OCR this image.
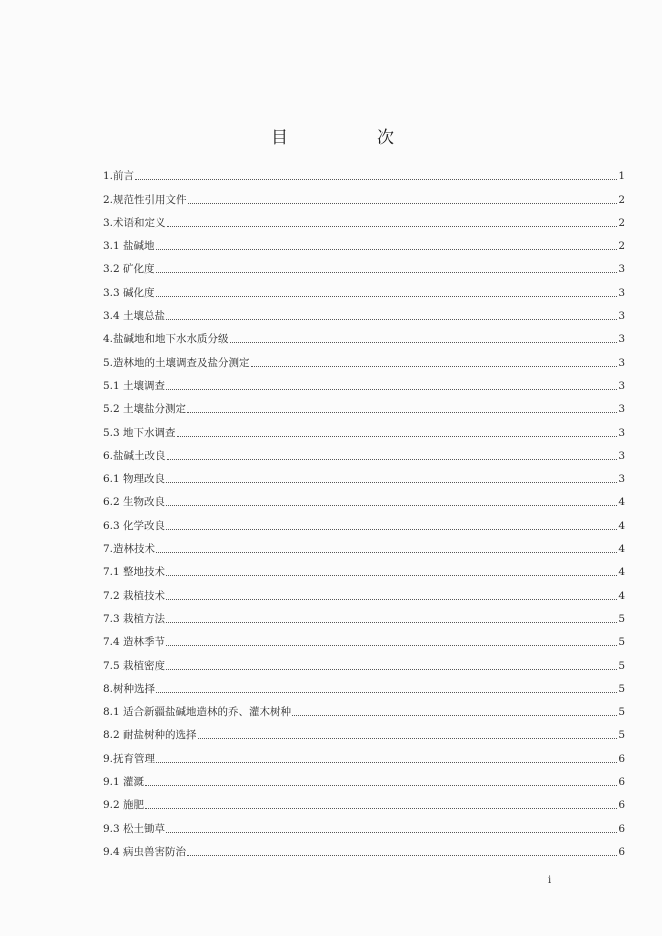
目	次
1.前言	1
2.规范性引用文件	2
3.术语和定义	2
3.1 盐碱地	2
3.2 矿化度	3
3.3 碱化度	3
3.4 土壤总盐	3
4.盐碱地和地下水水质分级	3
5.造林地的土壤调查及盐分测定	3
5.1 土壤调查	3
5.2 土壤盐分测定	3
5.3 地下水调查	3
6.盐碱土改良	3
6.1 物理改良	3
6.2 生物改良	4
6.3 化学改良	4
7.造林技术	4
7.1 整地技术	4
7.2 栽植技术	4
7.3 栽植方法	5
7.4 造林季节	5
7.5 栽植密度	5
8.树种选择	5
8.1 适合新疆盐碱地造林的乔、灌木树种	5
8.2 耐盐树种的选择	5
9.抚育管理	6
9.1 灌溉	6
9.2 施肥	6
9.3 松土锄草	6
9.4 病虫兽害防治	6
i
